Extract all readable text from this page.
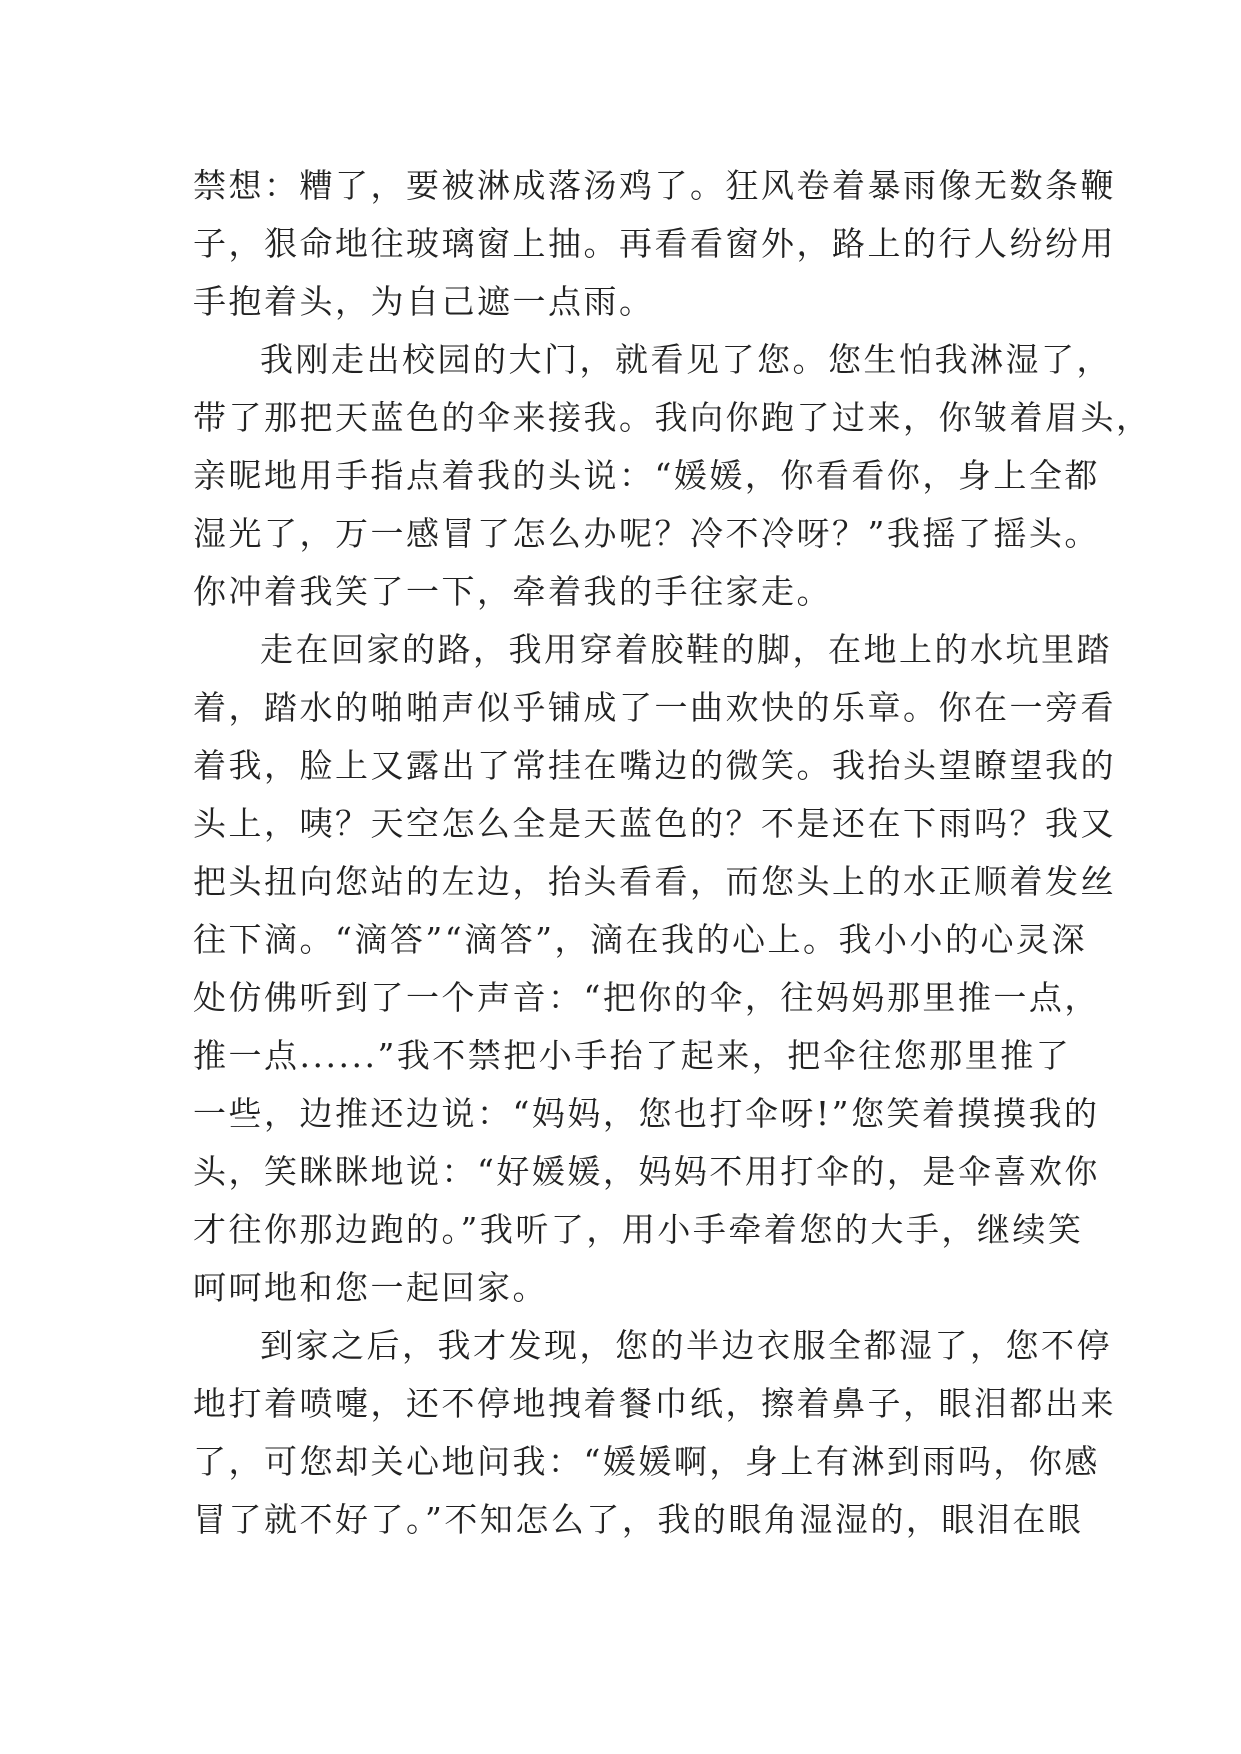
禁想：糟了，要被淋成落汤鸡了。狂风卷着暴雨像无数条鞭
子，狠命地往玻璃窗上抽。再看看窗外，路上的行人纷纷用
手抱着头，为自己遮一点雨。
我刚走出校园的大门，就看见了您。您生怕我淋湿了，
带了那把天蓝色的伞来接我。我向你跑了过来，你皱着眉头，
亲昵地用手指点着我的头说：“媛媛，你看看你，身上全都
湿光了，万一感冒了怎么办呢？冷不冷呀？”我摇了摇头。
你冲着我笑了一下，牵着我的手往家走。
走在回家的路，我用穿着胶鞋的脚，在地上的水坑里踏
着，踏水的啪啪声似乎铺成了一曲欢快的乐章。你在一旁看
着我，脸上又露出了常挂在嘴边的微笑。我抬头望瞭望我的
头上，咦？天空怎么全是天蓝色的？不是还在下雨吗？我又
把头扭向您站的左边，抬头看看，而您头上的水正顺着发丝
往下滴。“滴答”“滴答”，滴在我的心上。我小小的心灵深
处仿佛听到了一个声音：“把你的伞，往妈妈那里推一点，
推一点......”我不禁把小手抬了起来，把伞往您那里推了
一些，边推还边说：“妈妈，您也打伞呀!”您笑着摸摸我的
头，笑眯眯地说：“好媛媛，妈妈不用打伞的，是伞喜欢你
才往你那边跑的。”我听了，用小手牵着您的大手，继续笑
呵呵地和您一起回家。
到家之后，我才发现，您的半边衣服全都湿了，您不停
地打着喷嚏，还不停地拽着餐巾纸，擦着鼻子，眼泪都出来
了，可您却关心地问我：“媛媛啊，身上有淋到雨吗，你感
冒了就不好了。”不知怎么了，我的眼角湿湿的，眼泪在眼
